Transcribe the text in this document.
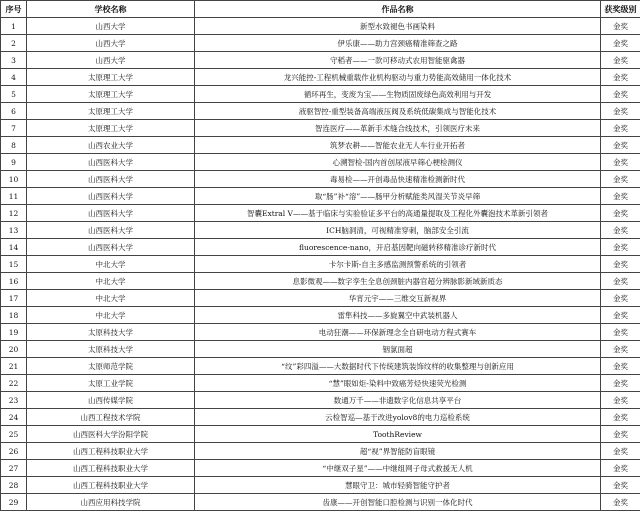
序号	学校名称	作品名称	获奖级别
1	山西大学	新型水致褪色书画染料	金奖
2	山西大学	伊乐康——助力宫颈癌精准筛查之路	金奖
3	山西大学	守稻者——一款可移动式农用智能驱禽器	金奖
4	太原理工大学	龙兴能控-工程机械重载作业机构驱动与重力势能高效储用一体化技术	金奖
5	太原理工大学	循环再生，变废为宝——生物质固废绿色高效利用与开发	金奖
6	太原理工大学	液驱智控-重型装备高端液压阀及系统低碳集成与智能化技术	金奖
7	太原理工大学	智连医疗——革新手术缝合线技术，引领医疗未来	金奖
8	山西农业大学	筑梦农耕——智能农业无人车行业开拓者	金奖
9	山西医科大学	心溯智检-国内首创尿液早筛心梗检测仪	金奖
10	山西医科大学	毒易检——开创毒品快速精准检测新时代	金奖
11	山西医科大学	取“肠”补“溶”——肠甲分析赋能类风湿关节炎早筛	金奖
12	山西医科大学	智囊Extral V——基于临床与实验验证多平台的高通量提取及工程化外囊泡技术革新引领者	金奖
13	山西医科大学	ICH脑洞清，可视精准穿刺，脑部安全引流	金奖
14	山西医科大学	fluorescence-nano，开启基因靶向磁转移精准诊疗新时代	金奖
15	中北大学	卡尔卡斯-自主多感监测预警系统的引领者	金奖
16	中北大学	息影微观——数字孪生全息创颈脏内器官超分辨脉影新域新质态	金奖
17	中北大学	华宵元宇——三维交互新视界	金奖
18	中北大学	雷隼科技——多旋翼空中武装机器人	金奖
19	太原科技大学	电动狂潮——环保新理念全自研电动方程式赛车	金奖
20	太原科技大学	铟氯面超	金奖
21	太原师范学院	“纹”彩四溢——大数据时代下传统建筑装饰纹样的收集整理与创新应用	金奖
22	太原工业学院	“慧”眼如炬-染料中致癌芳烃快速荧光检测	金奖
23	山西传媒学院	数通万千——非遗数字化信息共享平台	金奖
24	山西工程技术学院	云检智巡—基于改进yolov8的电力巡检系统	金奖
25	山西医科大学汾阳学院	ToothReview	金奖
26	山西工程科技职业大学	超“视”界智能防盲眼镜	金奖
27	山西工程科技职业大学	“中继双子星”——中继组网子母式救援无人机	金奖
28	山西工程科技职业大学	慧眼守卫：城市轻骑智能守护者	金奖
29	山西应用科技学院	齿康——开创智能口腔检测与识别一体化时代	金奖
